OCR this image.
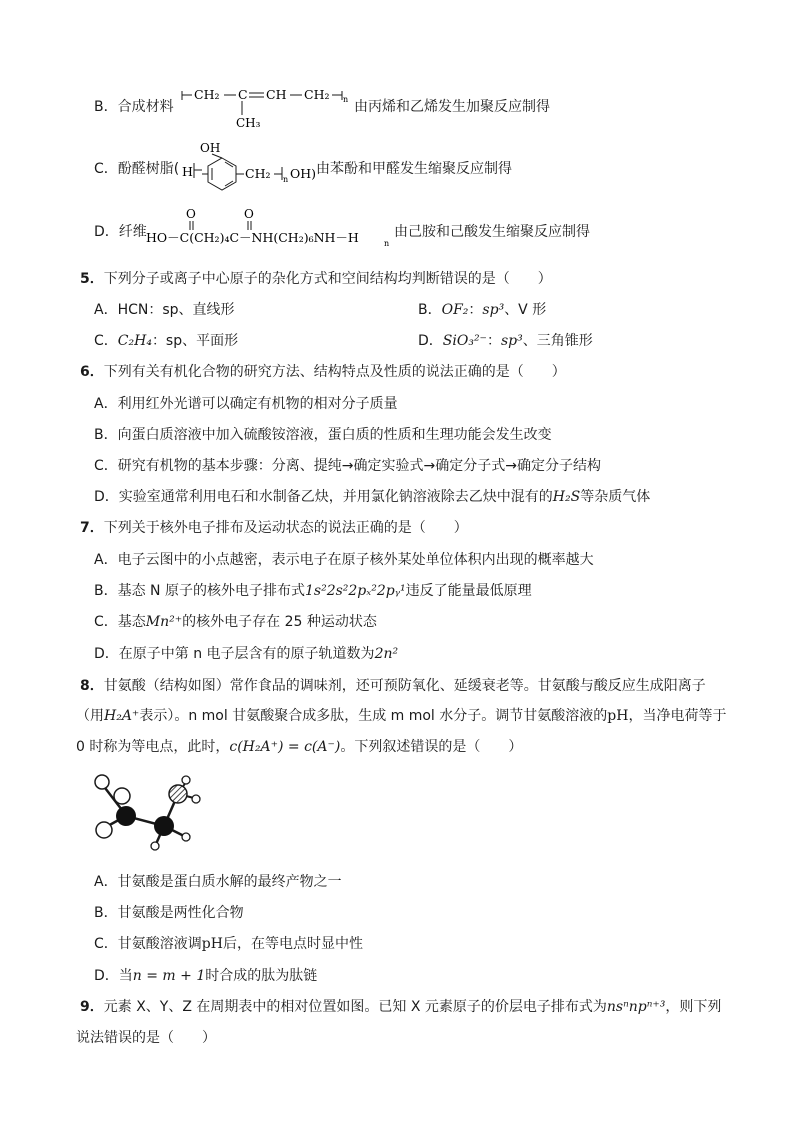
B．合成材料
CH₂ C CH CH₂ n
CH₃
由丙烯和乙烯发生加聚反应制得
C．酚醛树脂(
OH
H	CH₂ n OH) 由苯酚和甲醛发生缩聚反应制得
D．纤维
O	O
HO－C(CH₂)₄C－NH(CH₂)₆NH－H	n
由己胺和己酸发生缩聚反应制得
5．下列分子或离子中心原子的杂化方式和空间结构均判断错误的是（　　）
A．HCN：sp、直线形	B．OF₂：sp³、V 形
C．C₂H₄：sp、平面形	D．SiO₃²⁻：sp³、三角锥形
6．下列有关有机化合物的研究方法、结构特点及性质的说法正确的是（　　）
A．利用红外光谱可以确定有机物的相对分子质量
B．向蛋白质溶液中加入硫酸铵溶液，蛋白质的性质和生理功能会发生改变
C．研究有机物的基本步骤：分离、提纯→确定实验式→确定分子式→确定分子结构
D．实验室通常利用电石和水制备乙炔，并用氯化钠溶液除去乙炔中混有的H₂S等杂质气体
7．下列关于核外电子排布及运动状态的说法正确的是（　　）
A．电子云图中的小点越密，表示电子在原子核外某处单位体积内出现的概率越大
B．基态 N 原子的核外电子排布式1s²2s²2pₓ²2pᵧ¹违反了能量最低原理
C．基态Mn²⁺的核外电子存在 25 种运动状态
D．在原子中第 n 电子层含有的原子轨道数为2n²
8．甘氨酸（结构如图）常作食品的调味剂，还可预防氧化、延缓衰老等。甘氨酸与酸反应生成阳离子
（用H₂A⁺表示）。n mol 甘氨酸聚合成多肽，生成 m mol 水分子。调节甘氨酸溶液的pH，当净电荷等于
0 时称为等电点，此时，c(H₂A⁺) = c(A⁻)。下列叙述错误的是（　　）
A．甘氨酸是蛋白质水解的最终产物之一
B．甘氨酸是两性化合物
C．甘氨酸溶液调pH后，在等电点时显中性
D．当n = m + 1时合成的肽为肽链
9．元素 X、Y、Z 在周期表中的相对位置如图。已知 X 元素原子的价层电子排布式为nsⁿnpⁿ⁺³，则下列
说法错误的是（　　）
